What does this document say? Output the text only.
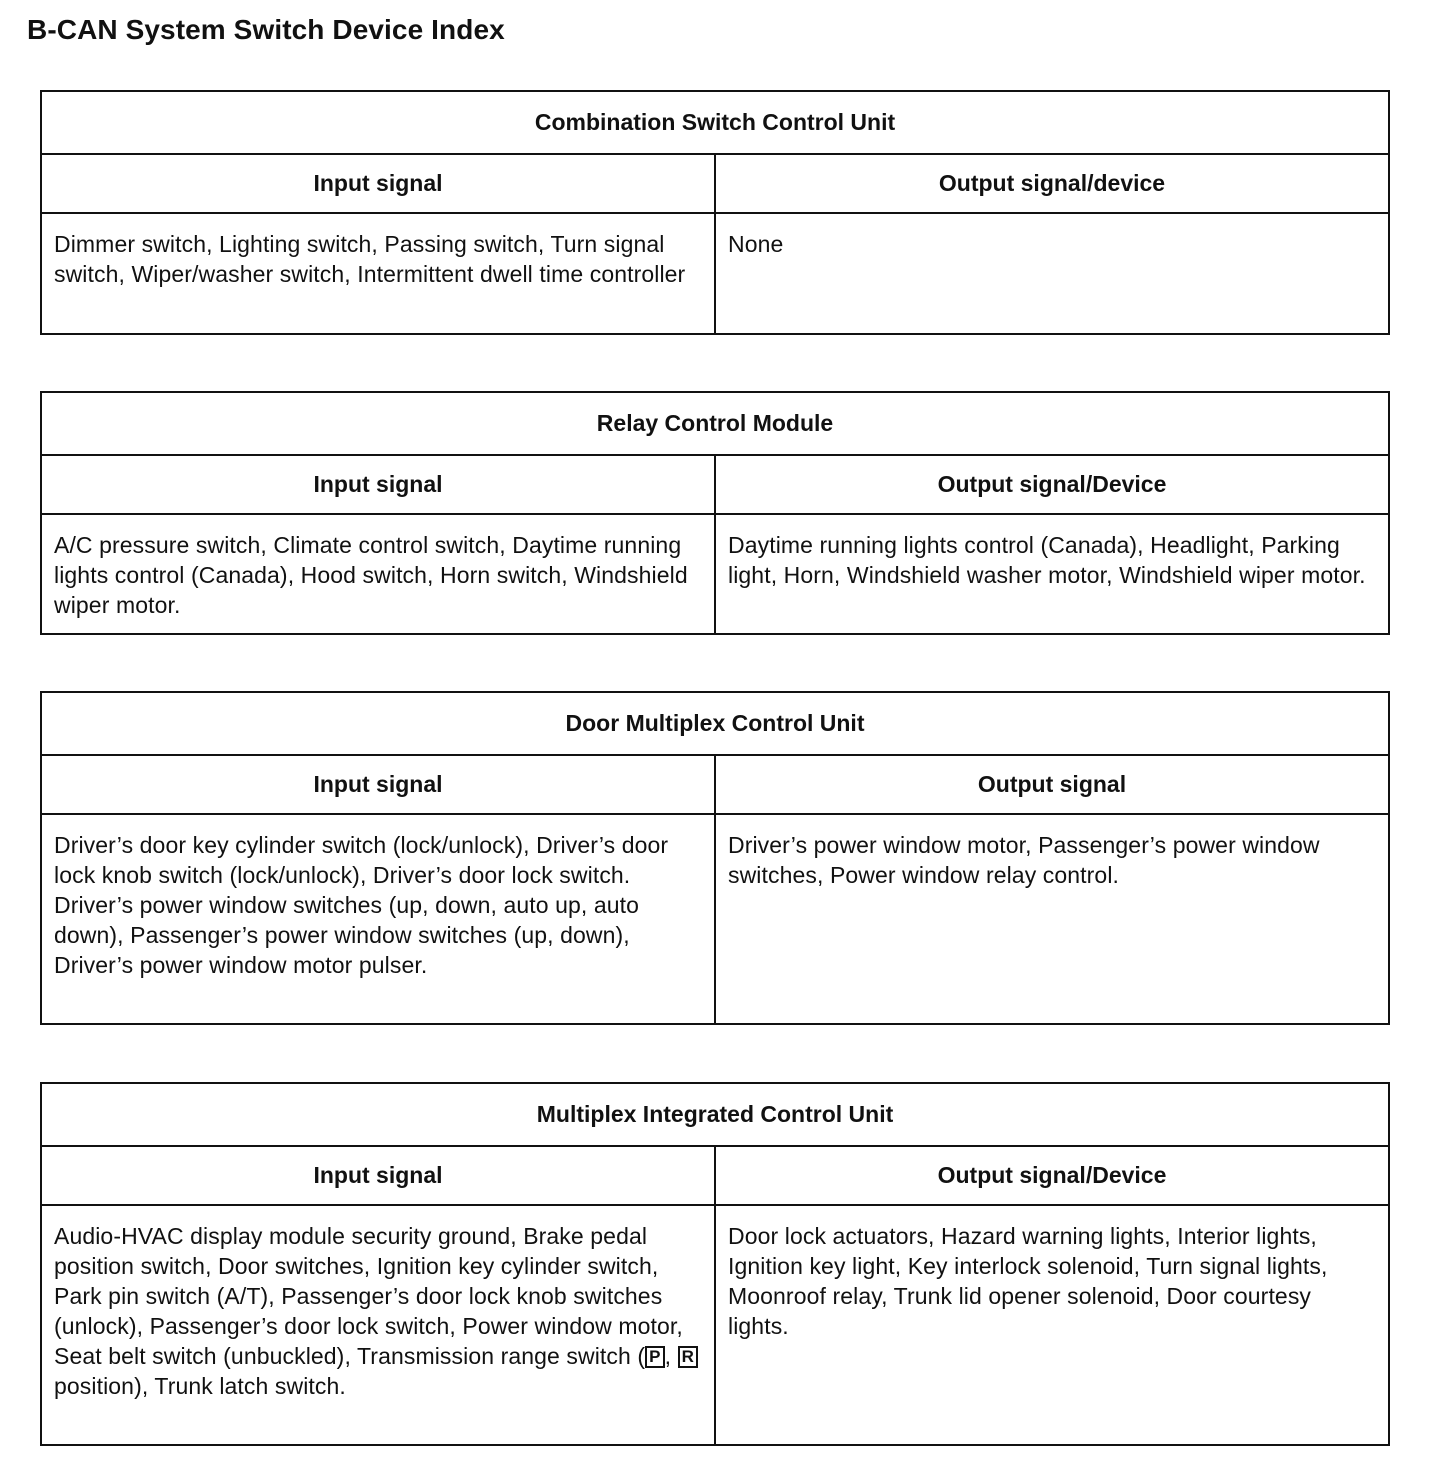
B-CAN System Switch Device Index
Combination Switch Control Unit	
Input signal	Output signal/device
Dimmer switch, Lighting switch, Passing switch, Turn signal switch, Wiper/washer switch, Intermittent dwell time controller	None
Relay Control Module	
Input signal	Output signal/Device
A/C pressure switch, Climate control switch, Daytime running lights control (Canada), Hood switch, Horn switch, Windshield wiper motor.	Daytime running lights control (Canada), Headlight, Parking light, Horn, Windshield washer motor, Windshield wiper motor.
Door Multiplex Control Unit	
Input signal	Output signal
Driver’s door key cylinder switch (lock/unlock), Driver’s door lock knob switch (lock/unlock), Driver’s door lock switch. Driver’s power window switches (up, down, auto up, auto down), Passenger’s power window switches (up, down), Driver’s power window motor pulser.	Driver’s power window motor, Passenger’s power window switches, Power window relay control.
Multiplex Integrated Control Unit	
Input signal	Output signal/Device
Audio-HVAC display module security ground, Brake pedal position switch, Door switches, Ignition key cylinder switch, Park pin switch (A/T), Passenger’s door lock knob switches (unlock), Passenger’s door lock switch, Power window motor, Seat belt switch (unbuckled), Transmission range switch ( P , R position), Trunk latch switch.	Door lock actuators, Hazard warning lights, Interior lights, Ignition key light, Key interlock solenoid, Turn signal lights, Moonroof relay, Trunk lid opener solenoid, Door courtesy lights.
